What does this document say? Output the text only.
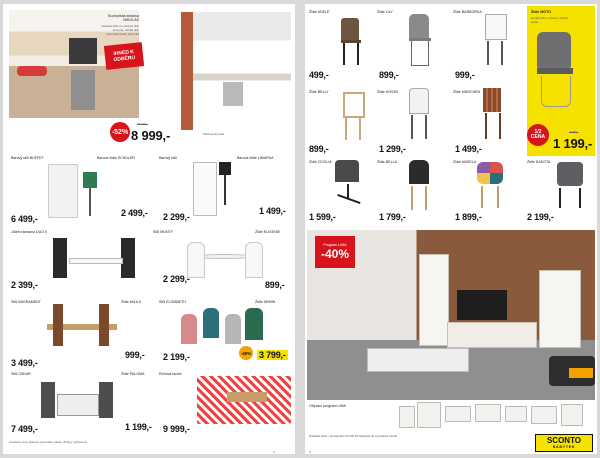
Kuchyňská sestava NIKOLAS
sestava 240 cm, korpus dub sonoma, dvířka dub sonoma/vysoký lesk bílá
IHNED K ODBĚRU
-52%
18 999,-
8 999,-	bílá/vysoký lesk
Barový stůl BUFFET
6 499,-
Barová židle SCHULER
2 499,-
Barový stůl
2 299,-
Barová židle LIMARKA
1 499,-
Jídelní sestava DUO II
2 399,-
Stůl MONTY
2 299,-
Židle EUGENIE
899,-
Stůl BAGRAMENT
3 499,-
Židle MILA II
999,-
Stůl ELISABETH
2 199,-
Židle ARMIN
-40% 3 799,-
Stůl OSKAR
7 499,-
Židle PALOMA
1 199,-
Rohová lavice
9 999,-
Uvedené ceny platí do vyprodání zásob. Změny vyhrazeny.
2
Židle ADELE
499,-
Židle LILY
899,-
Židle BARBORKA
999,-
Židle MOTO
konferenční, kovové, textilní šedá
1/2 CENA
2 499,-
1 199,-
Židle BELLY
899,-
Židle HOSEK
1 299,-
Židle MÜNCHEN
1 499,-
Židle CECILIA
1 599,-
Židle BELLA
1 799,-
Židle ANGELA
1 899,-
Židle DAKOTA
2 199,-
Program LIMA
-40%
Obývací program LIMA
Nabídka platí v prodejnách SCONTO Nábytek do vyprodání zásob.	SCONTO
NÁBYTEK
3
